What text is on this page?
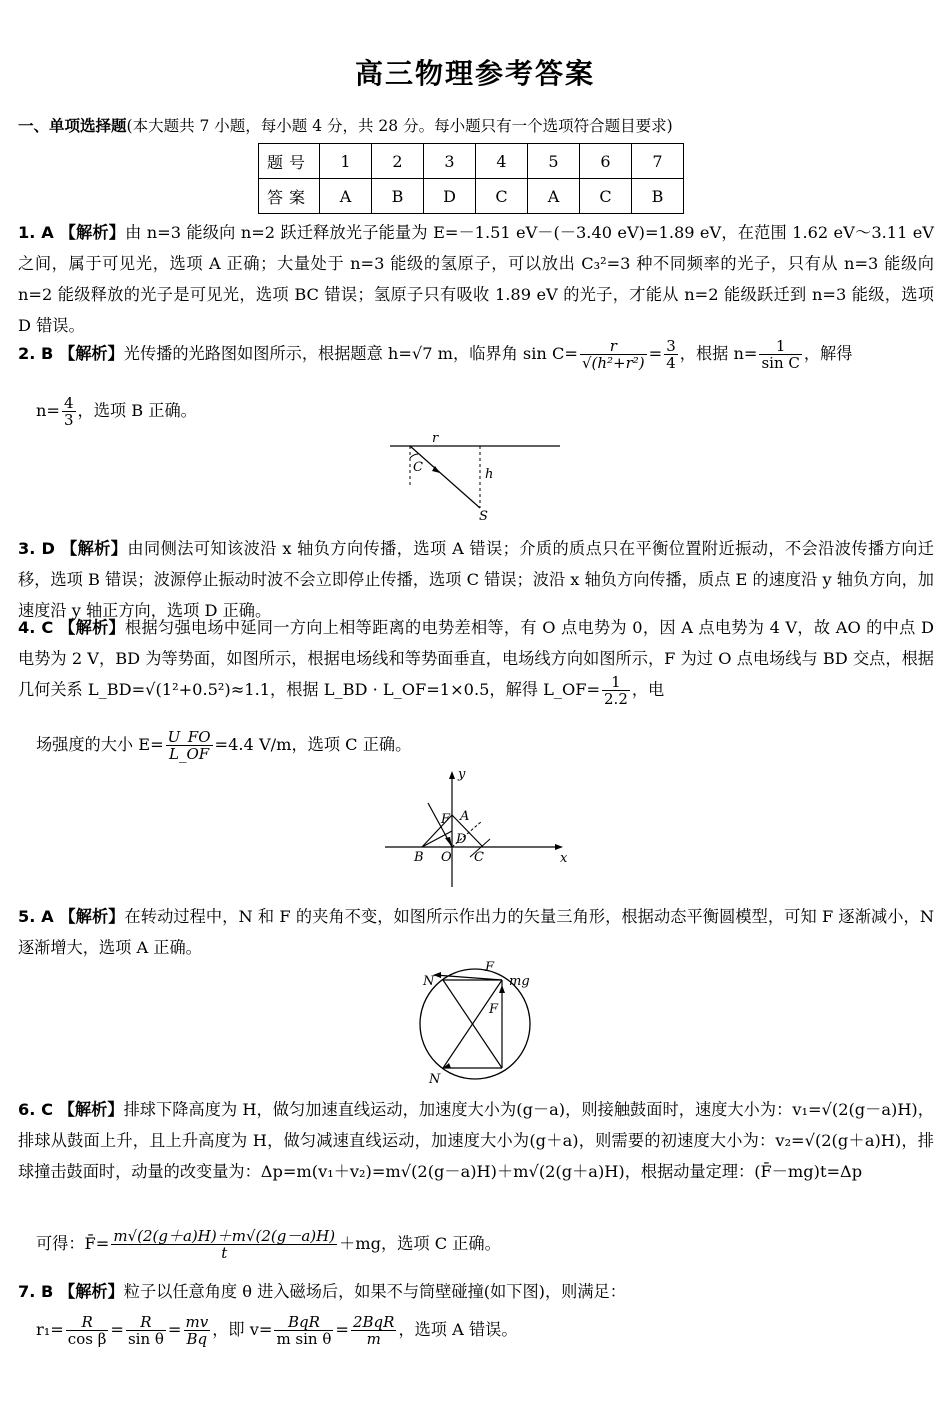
高三物理参考答案
一、单项选择题(本大题共 7 小题，每小题 4 分，共 28 分。每小题只有一个选项符合题目要求)
题号	1	2	3	4	5	6	7
答案	A	B	D	C	A	C	B
1. A 【解析】由 n=3 能级向 n=2 跃迁释放光子能量为 E=－1.51 eV－(－3.40 eV)=1.89 eV，在范围 1.62 eV～3.11 eV 之间，属于可见光，选项 A 正确；大量处于 n=3 能级的氢原子，可以放出 C₃²=3 种不同频率的光子，只有从 n=3 能级向 n=2 能级释放的光子是可见光，选项 BC 错误；氢原子只有吸收 1.89 eV 的光子，才能从 n=2 能级跃迁到 n=3 能级，选项 D 错误。
2. B 【解析】光传播的光路图如图所示，根据题意 h=√7 m，临界角 $\sin C= \frac{r}{\text{√(h²+r²)}} = \frac{3}{4}$ ，根据 $n= \frac{1}{\text{sin C}}$ ，解得
$n= \frac{4}{3}$ ，选项 B 正确。
r
C	h
S
3. D 【解析】由同侧法可知该波沿 x 轴负方向传播，选项 A 错误；介质的质点只在平衡位置附近振动，不会沿波传播方向迁移，选项 B 错误；波源停止振动时波不会立即停止传播，选项 C 错误；波沿 x 轴负方向传播，质点 E 的速度沿 y 轴负方向，加速度沿 y 轴正方向，选项 D 正确。
4. C 【解析】根据匀强电场中延同一方向上相等距离的电势差相等，有 O 点电势为 0，因 A 点电势为 4 V，故 AO 的中点 D 电势为 2 V，BD 为等势面，如图所示，根据电场线和等势面垂直，电场线方向如图所示，F 为过 O 点电场线与 BD 交点，根据几何关系 L_BD=√(1²+0.5²)≈1.1，根据 L_BD · L_OF=1×0.5，解得 L_OF= $\frac{1}{2.2}$ ，电
场强度的大小 $E= \frac{U\_FO}{L\_OF} =4.4$ V/m，选项 C 正确。
y
x
A
B	C
D
F
O
5. A 【解析】在转动过程中，N 和 F 的夹角不变，如图所示作出力的矢量三角形，根据动态平衡圆模型，可知 F 逐渐减小，N 逐渐增大，选项 A 正确。
N
F
mg
F
N
6. C 【解析】排球下降高度为 H，做匀加速直线运动，加速度大小为(g－a)，则接触鼓面时，速度大小为：v₁=√(2(g－a)H)，排球从鼓面上升，且上升高度为 H，做匀减速直线运动，加速度大小为(g＋a)，则需要的初速度大小为：v₂=√(2(g＋a)H)，排球撞击鼓面时，动量的改变量为：Δp=m(v₁＋v₂)=m√(2(g－a)H)＋m√(2(g＋a)H)，根据动量定理：(F̄－mg)t=Δp
可得：F̄= $\frac{m√(2(g+a)H)+m√(2(g-a)H)}{t} +mg$，选项 C 正确。
7. B 【解析】粒子以任意角度 θ 进入磁场后，如果不与筒壁碰撞(如下图)，则满足：
$r_1= \frac{R}{\text{cos β}} = \frac{R}{\text{sin θ}} = \frac{mv}{Bq}$ ，即 $v= \frac{\text{BqR}}{\text{m sin θ}} = \frac{\text{2BqR}}{m}$ ，选项 A 错误。
